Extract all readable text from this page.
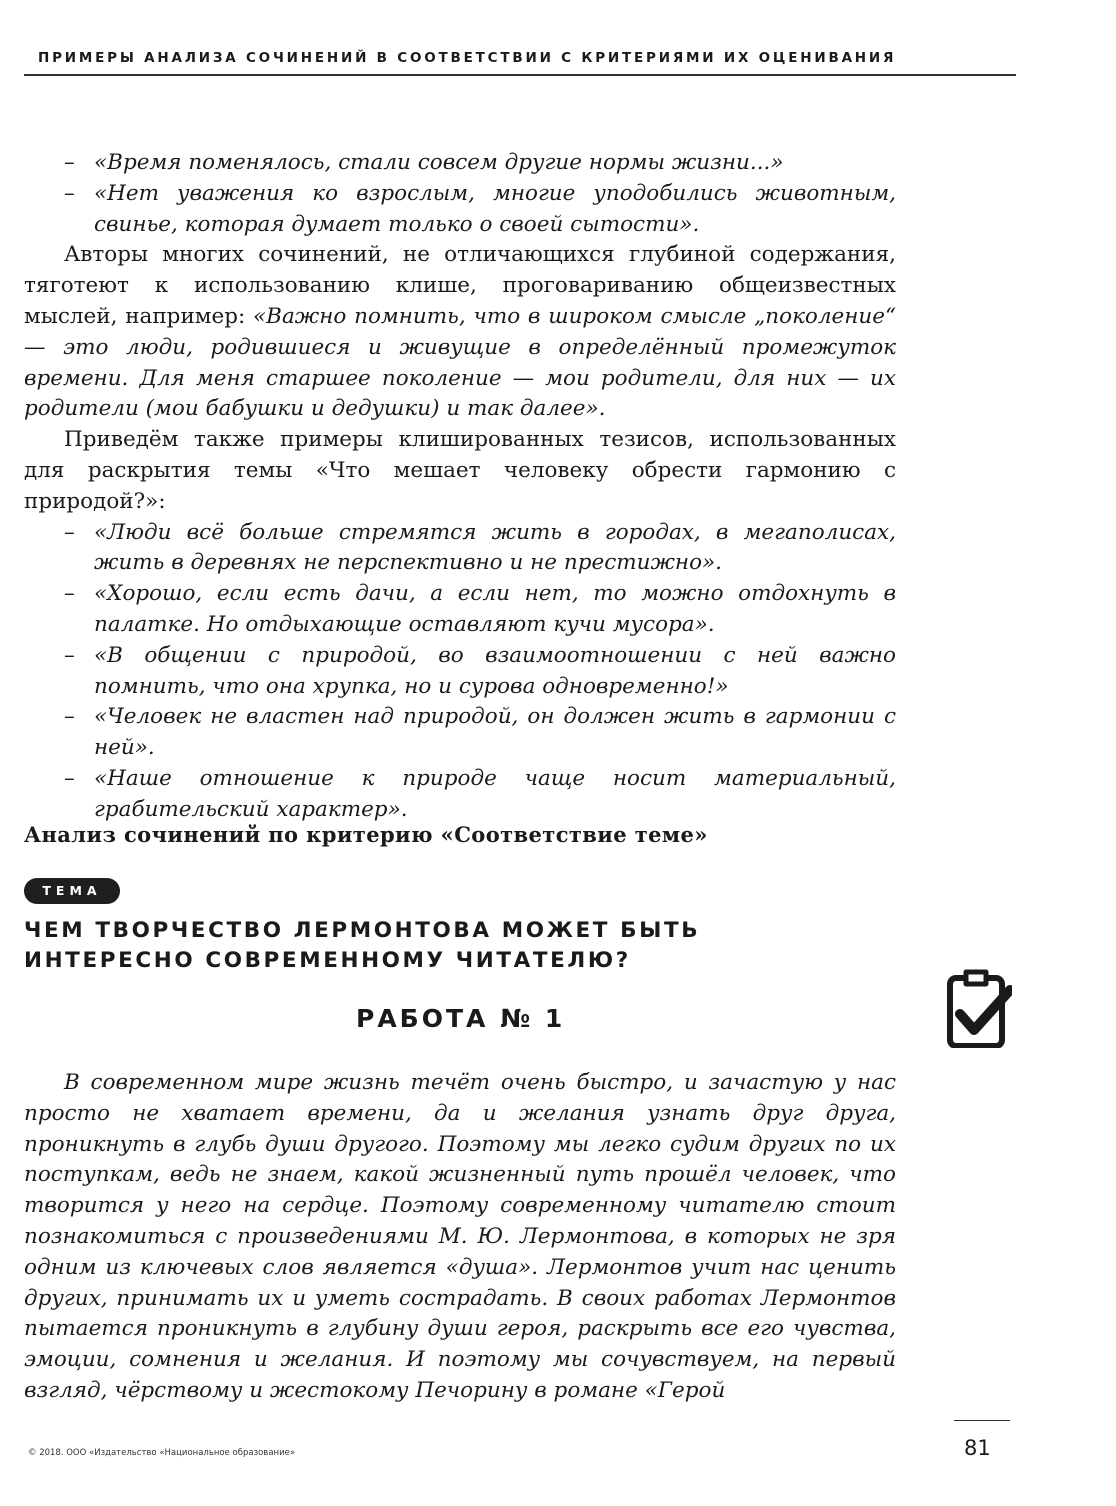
ПРИМЕРЫ АНАЛИЗА СОЧИНЕНИЙ В СООТВЕТСТВИИ С КРИТЕРИЯМИ ИХ ОЦЕНИВАНИЯ
– «Время поменялось, стали совсем другие нормы жизни...»
– «Нет уважения ко взрослым, многие уподобились животным, свинье, которая думает только о своей сытости».
Авторы многих сочинений, не отличающихся глубиной содержания, тяготеют к использованию клише, проговариванию общеизвестных мыслей, например: «Важно помнить, что в широком смысле „поколение“ — это люди, родившиеся и живущие в определённый промежуток времени. Для меня старшее поколение — мои родители, для них — их родители (мои бабушки и дедушки) и так далее».
Приведём также примеры клишированных тезисов, использованных для раскрытия темы «Что мешает человеку обрести гармонию с природой?»:
– «Люди всё больше стремятся жить в городах, в мегаполисах, жить в деревнях не перспективно и не престижно».
– «Хорошо, если есть дачи, а если нет, то можно отдохнуть в палатке. Но отдыхающие оставляют кучи мусора».
– «В общении с природой, во взаимоотношении с ней важно помнить, что она хрупка, но и сурова одновременно!»
– «Человек не властен над природой, он должен жить в гармонии с ней».
– «Наше отношение к природе чаще носит материальный, грабительский характер».
Анализ сочинений по критерию «Соответствие теме»
ТЕМА
ЧЕМ ТВОРЧЕСТВО ЛЕРМОНТОВА МОЖЕТ БЫТЬ
ИНТЕРЕСНО СОВРЕМЕННОМУ ЧИТАТЕЛЮ?
РАБОТА № 1
В современном мире жизнь течёт очень быстро, и зачастую у нас просто не хватает времени, да и желания узнать друг друга, проникнуть в глубь души другого. Поэтому мы легко судим других по их поступкам, ведь не знаем, какой жизненный путь прошёл человек, что творится у него на сердце. Поэтому современному читателю стоит познакомиться с произведениями М. Ю. Лермонтова, в которых не зря одним из ключевых слов является «душа». Лермонтов учит нас ценить других, принимать их и уметь сострадать. В своих работах Лермонтов пытается проникнуть в глубину души героя, раскрыть все его чувства, эмоции, сомнения и желания. И поэтому мы сочувствуем, на первый взгляд, чёрствому и жестокому Печорину в романе «Герой
© 2018. ООО «Издательство «Национальное образование»	81
